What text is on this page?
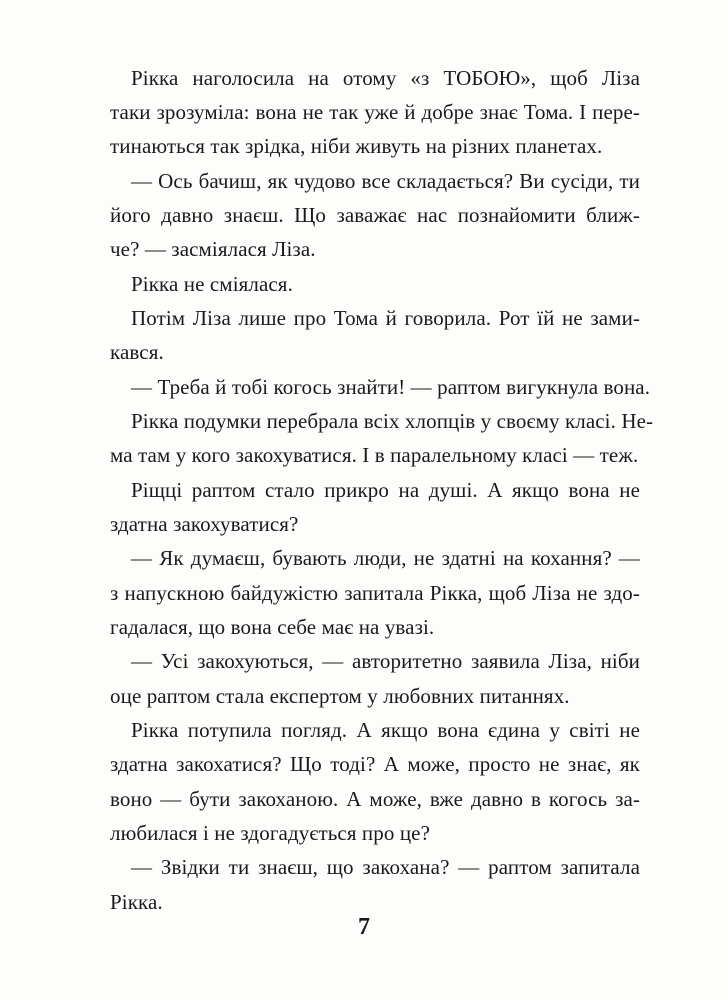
Рікка наголосила на отому «з ТОБОЮ», щоб Ліза
таки зрозуміла: вона не так уже й добре знає Тома. І пере-
тинаються так зрідка, ніби живуть на різних планетах.
— Ось бачиш, як чудово все складається? Ви сусіди, ти
його давно знаєш. Що заважає нас познайомити ближ-
че? — засміялася Ліза.
Рікка не сміялася.
Потім Ліза лише про Тома й говорила. Рот їй не зами-
кався.
— Треба й тобі когось знайти! — раптом вигукнула вона.
Рікка подумки перебрала всіх хлопців у своєму класі. Не-
ма там у кого закохуватися. І в паралельному класі — теж.
Ріщці раптом стало прикро на душі. А якщо вона не
здатна закохуватися?
— Як думаєш, бувають люди, не здатні на кохання? —
з напускною байдужістю запитала Рікка, щоб Ліза не здо-
гадалася, що вона себе має на увазі.
— Усі закохуються, — авторитетно заявила Ліза, ніби
оце раптом стала експертом у любовних питаннях.
Рікка потупила погляд. А якщо вона єдина у світі не
здатна закохатися? Що тоді? А може, просто не знає, як
воно — бути закоханою. А може, вже давно в когось за-
любилася і не здогадується про це?
— Звідки ти знаєш, що закохана? — раптом запитала
Рікка.
7
